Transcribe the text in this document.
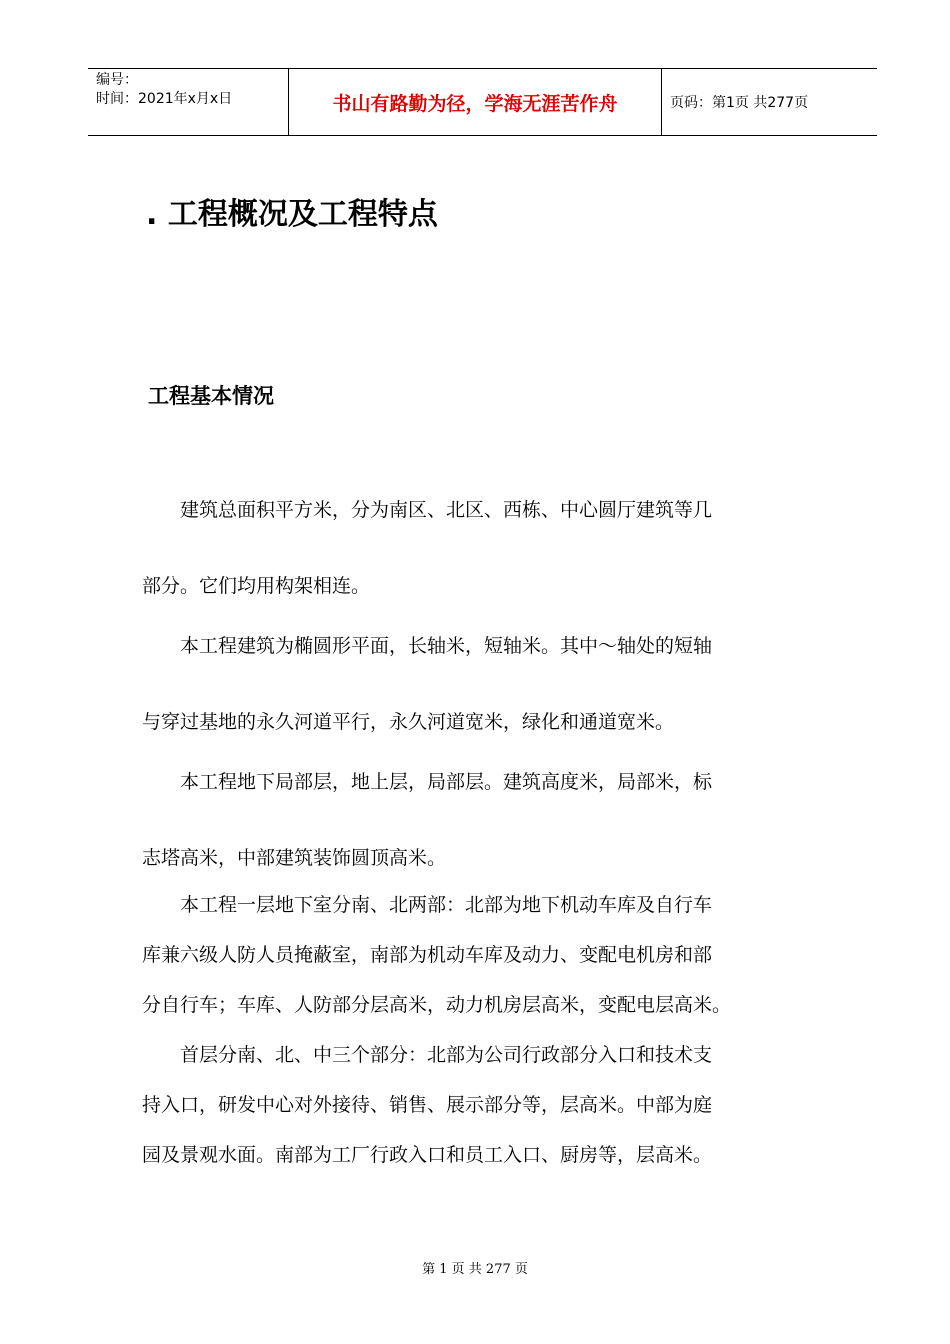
编号：
时间：2021年x月x日	书山有路勤为径，学海无涯苦作舟	页码：第1页 共277页
. 工程概况及工程特点
工程基本情况

建筑总面积平方米，分为南区、北区、西栋、中心圆厅建筑等几
部分。它们均用构架相连。

本工程建筑为椭圆形平面，长轴米，短轴米。其中～轴处的短轴
与穿过基地的永久河道平行，永久河道宽米，绿化和通道宽米。

本工程地下局部层，地上层，局部层。建筑高度米，局部米，标
志塔高米，中部建筑装饰圆顶高米。

本工程一层地下室分南、北两部：北部为地下机动车库及自行车
库兼六级人防人员掩蔽室，南部为机动车库及动力、变配电机房和部
分自行车；车库、人防部分层高米，动力机房层高米，变配电层高米。

首层分南、北、中三个部分：北部为公司行政部分入口和技术支
持入口，研发中心对外接待、销售、展示部分等，层高米。中部为庭
园及景观水面。南部为工厂行政入口和员工入口、厨房等，层高米。

第 1 页 共 277 页
